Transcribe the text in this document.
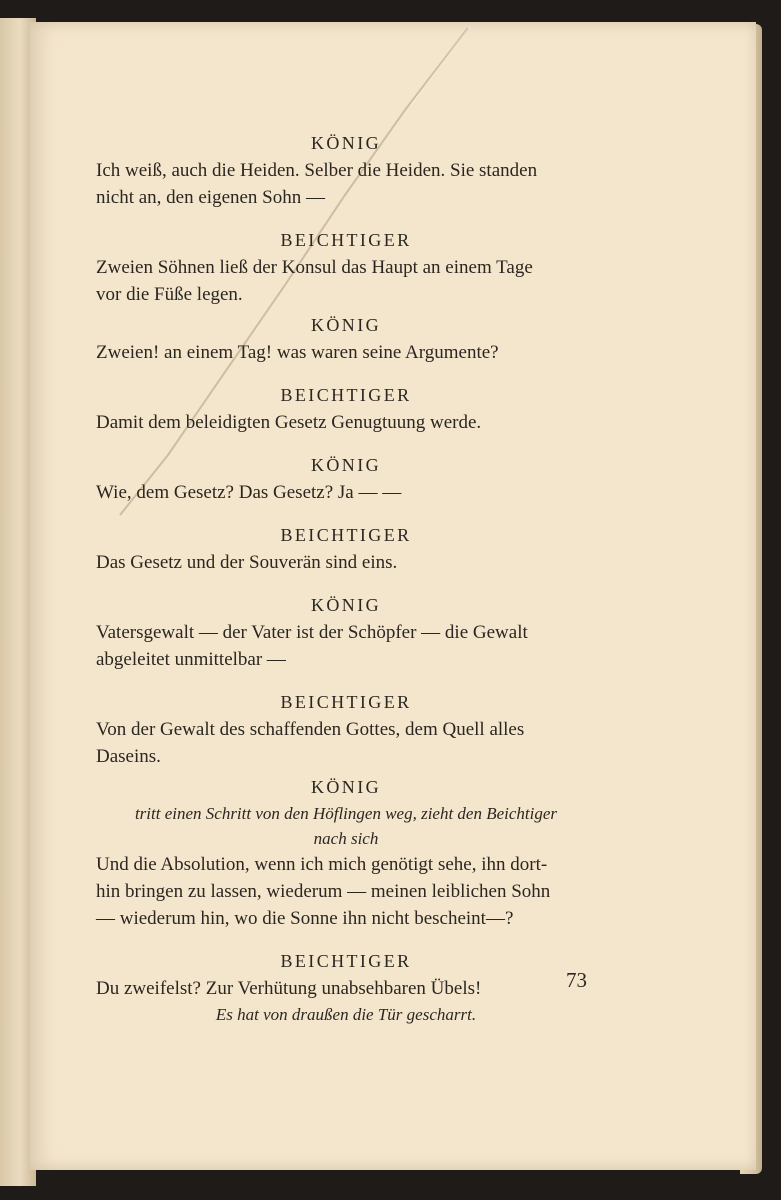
KÖNIG

Ich weiß, auch die Heiden. Selber die Heiden. Sie standen

nicht an, den eigenen Sohn —

BEICHTIGER

Zweien Söhnen ließ der Konsul das Haupt an einem Tage

vor die Füße legen.

KÖNIG

Zweien! an einem Tag! was waren seine Argumente?

BEICHTIGER

Damit dem beleidigten Gesetz Genugtuung werde.

KÖNIG

Wie, dem Gesetz? Das Gesetz? Ja — —

BEICHTIGER

Das Gesetz und der Souverän sind eins.

KÖNIG

Vatersgewalt — der Vater ist der Schöpfer — die Gewalt

abgeleitet unmittelbar —

BEICHTIGER

Von der Gewalt des schaffenden Gottes, dem Quell alles

Daseins.

KÖNIG

tritt einen Schritt von den Höflingen weg, zieht den Beichtiger

nach sich

Und die Absolution, wenn ich mich genötigt sehe, ihn dort-

hin bringen zu lassen, wiederum — meinen leiblichen Sohn

— wiederum hin, wo die Sonne ihn nicht bescheint—?

BEICHTIGER

Du zweifelst? Zur Verhütung unabsehbaren Übels!

Es hat von draußen die Tür gescharrt.

73
